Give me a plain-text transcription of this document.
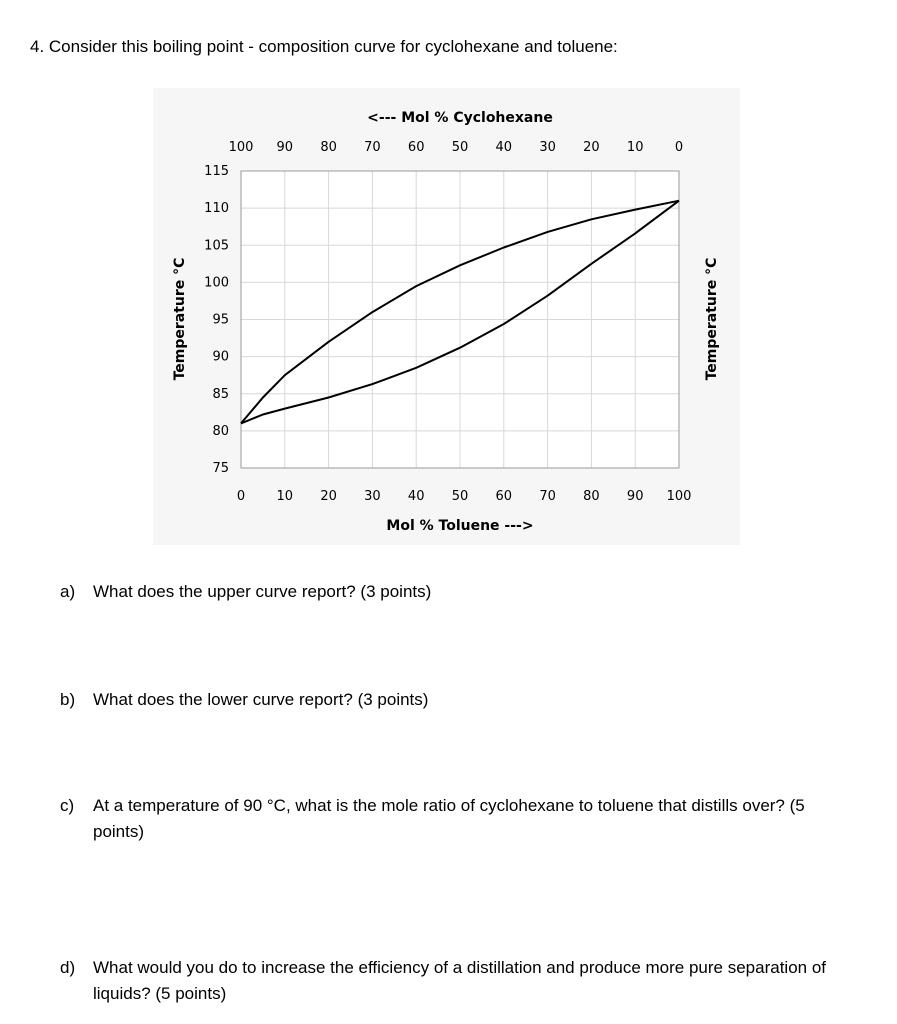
4. Consider this boiling point - composition curve for cyclohexane and toluene:
0 10 20 30 40 50 60 70 80 90 100
100 90 80 70 60 50 40 30 20 10 0
75
80
85
90
95
100
105
110
115
<--- Mol % Cyclohexane
Mol % Toluene --->
Temperature °C	Temperature °C
a) What does the upper curve report? (3 points)
b) What does the lower curve report? (3 points)
c) At a temperature of 90 °C, what is the mole ratio of cyclohexane to toluene that distills over? (5 points)
d) What would you do to increase the efficiency of a distillation and produce more pure separation of liquids? (5 points)
